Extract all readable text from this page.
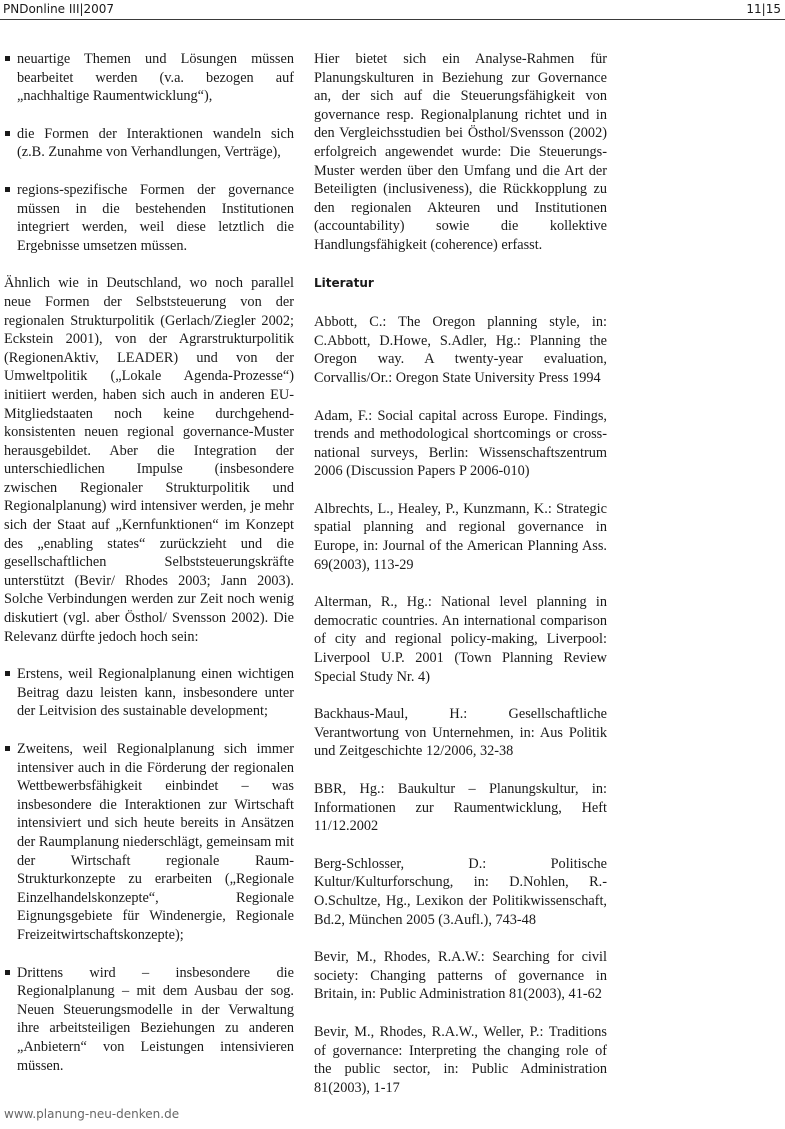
PNDonline III|2007	11|15
neuartige Themen und Lösungen müssen bearbeitet werden (v.a. bezogen auf „nachhaltige Raumentwicklung“),
die Formen der Interaktionen wandeln sich (z.B. Zunahme von Verhandlungen, Verträge),
regions-spezifische Formen der governance müssen in die bestehenden Institutionen integriert werden, weil diese letztlich die Ergebnisse umsetzen müssen.

Ähnlich wie in Deutschland, wo noch parallel neue Formen der Selbststeuerung von der regionalen Strukturpolitik (Gerlach/Ziegler 2002; Eckstein 2001), von der Agrarstrukturpolitik (RegionenAktiv, LEADER) und von der Umweltpolitik („Lokale Agenda-Prozesse“) initiiert werden, haben sich auch in anderen EU-Mitgliedstaaten noch keine durchgehend-konsistenten neuen regional governance-Muster herausgebildet. Aber die Integration der unterschiedlichen Impulse (insbesondere zwischen Regionaler Strukturpolitik und Regionalplanung) wird intensiver werden, je mehr sich der Staat auf „Kernfunktionen“ im Konzept des „enabling states“ zurückzieht und die gesellschaftlichen Selbststeuerungskräfte unterstützt (Bevir/ Rhodes 2003; Jann 2003). Solche Verbindungen werden zur Zeit noch wenig diskutiert (vgl. aber Östhol/ Svensson 2002). Die Relevanz dürfte jedoch hoch sein:

Erstens, weil Regionalplanung einen wichtigen Beitrag dazu leisten kann, insbesondere unter der Leitvision des sustainable development;
Zweitens, weil Regionalplanung sich immer intensiver auch in die Förderung der regionalen Wettbewerbsfähigkeit einbindet – was insbesondere die Interaktionen zur Wirtschaft intensiviert und sich heute bereits in Ansätzen der Raumplanung niederschlägt, gemeinsam mit der Wirtschaft regionale Raum-Strukturkonzepte zu erarbeiten („Regionale Einzelhandelskonzepte“, Regionale Eignungsgebiete für Windenergie, Regionale Freizeitwirtschaftskonzepte);
Drittens wird – insbesondere die Regionalplanung – mit dem Ausbau der sog. Neuen Steuerungsmodelle in der Verwaltung ihre arbeitsteiligen Beziehungen zu anderen „Anbietern“ von Leistungen intensivieren müssen.

Hier bietet sich ein Analyse-Rahmen für Planungskulturen in Beziehung zur Governance an, der sich auf die Steuerungsfähigkeit von governance resp. Regionalplanung richtet und in den Vergleichsstudien bei Östhol/Svensson (2002) erfolgreich angewendet wurde: Die Steuerungs-Muster werden über den Umfang und die Art der Beteiligten (inclusiveness), die Rückkopplung zu den regionalen Akteuren und Institutionen (accountability) sowie die kollektive Handlungsfähigkeit (coherence) erfasst.

Literatur
Abbott, C.: The Oregon planning style, in: C.Abbott, D.Howe, S.Adler, Hg.: Planning the Oregon way. A twenty-year evaluation, Corvallis/Or.: Oregon State University Press 1994
Adam, F.: Social capital across Europe. Findings, trends and methodological shortcomings or cross-national surveys, Berlin: Wissenschaftszentrum 2006 (Discussion Papers P 2006-010)
Albrechts, L., Healey, P., Kunzmann, K.: Strategic spatial planning and regional governance in Europe, in: Journal of the American Planning Ass. 69(2003), 113-29
Alterman, R., Hg.: National level planning in democratic countries. An international comparison of city and regional policy-making, Liverpool: Liverpool U.P. 2001 (Town Planning Review Special Study Nr. 4)
Backhaus-Maul, H.: Gesellschaftliche Verantwortung von Unternehmen, in: Aus Politik und Zeitgeschichte 12/2006, 32-38
BBR, Hg.: Baukultur – Planungskultur, in: Informationen zur Raumentwicklung, Heft 11/12.2002
Berg-Schlosser, D.: Politische Kultur/Kulturforschung, in: D.Nohlen, R.-O.Schultze, Hg., Lexikon der Politikwissenschaft, Bd.2, München 2005 (3.Aufl.), 743-48
Bevir, M., Rhodes, R.A.W.: Searching for civil society: Changing patterns of governance in Britain, in: Public Administration 81(2003), 41-62
Bevir, M., Rhodes, R.A.W., Weller, P.: Traditions of governance: Interpreting the changing role of the public sector, in: Public Administration 81(2003), 1-17
www.planung-neu-denken.de
